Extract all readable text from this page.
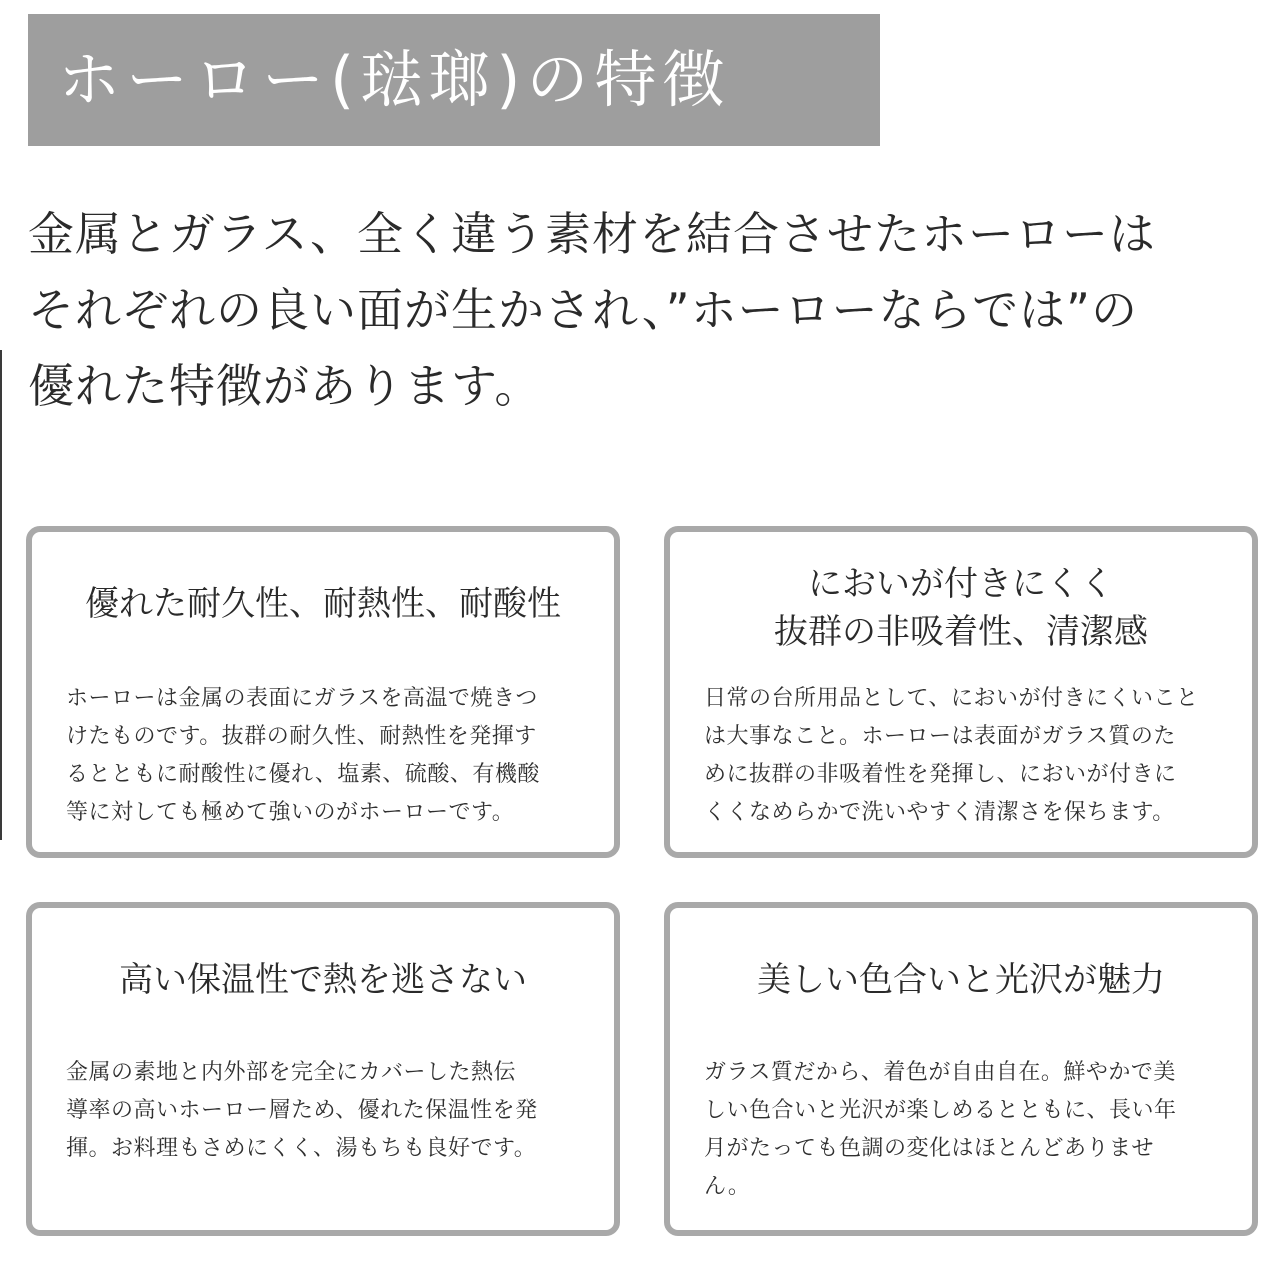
ホーロー(琺瑯)の特徴
金属とガラス、全く違う素材を結合させたホーローは
それぞれの良い面が生かされ、”ホーローならでは”の
優れた特徴があります。
優れた耐久性、耐熱性、耐酸性
ホーローは金属の表面にガラスを高温で焼きつ
けたものです。抜群の耐久性、耐熱性を発揮す
るとともに耐酸性に優れ、塩素、硫酸、有機酸
等に対しても極めて強いのがホーローです。
においが付きにくく
抜群の非吸着性、清潔感
日常の台所用品として、においが付きにくいこと
は大事なこと。ホーローは表面がガラス質のた
めに抜群の非吸着性を発揮し、においが付きに
くくなめらかで洗いやすく清潔さを保ちます。
高い保温性で熱を逃さない
金属の素地と内外部を完全にカバーした熱伝
導率の高いホーロー層ため、優れた保温性を発
揮。お料理もさめにくく、湯もちも良好です。
美しい色合いと光沢が魅力
ガラス質だから、着色が自由自在。鮮やかで美
しい色合いと光沢が楽しめるとともに、長い年
月がたっても色調の変化はほとんどありませ
ん。
